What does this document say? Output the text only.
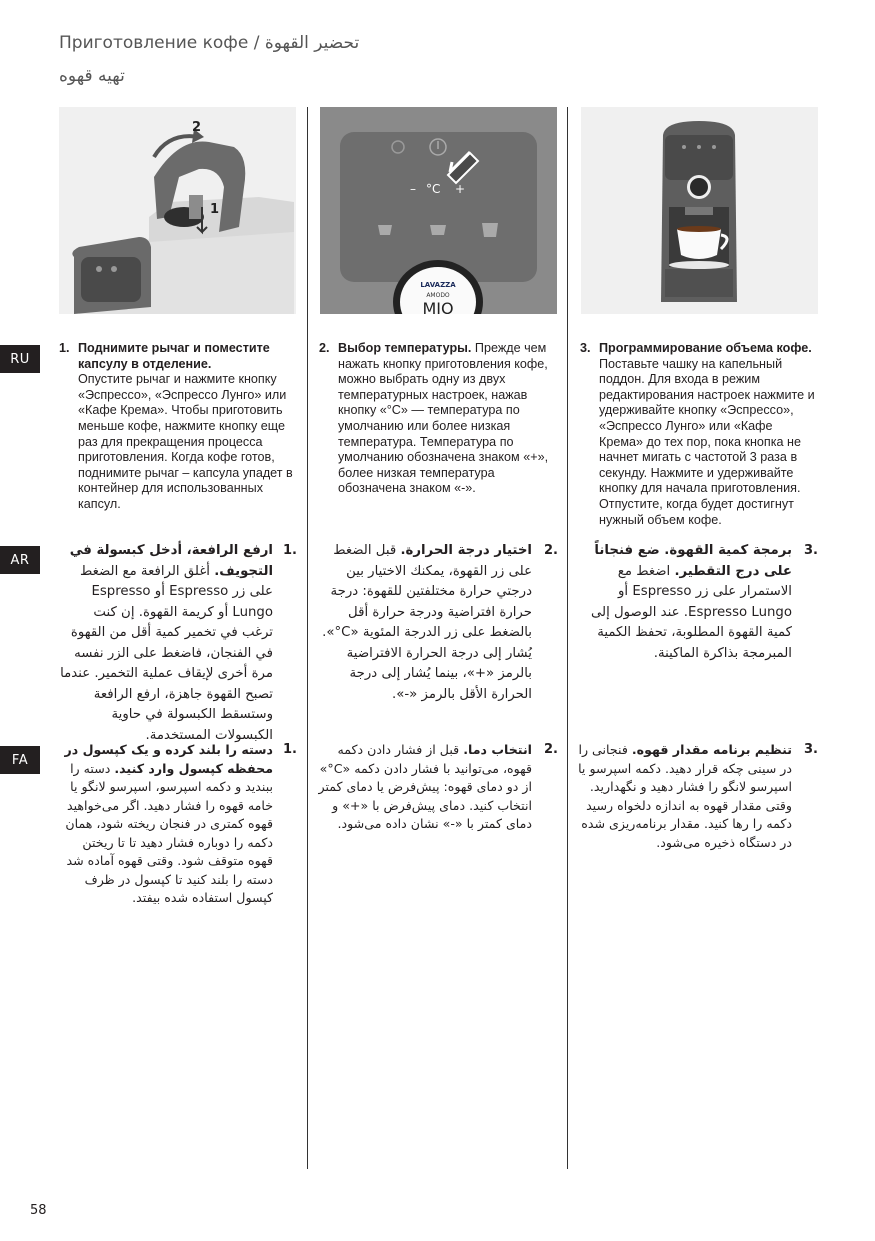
Приготовление кофе / تحضير القهوة
تهیه قهوه
2
1
– °C +
LAVAZZA
AMODO
MIO
RU
AR
FA
1. Поднимите рычаг и поместите капсулу в отделение.
Опустите рычаг и нажмите кнопку «Эспрессо», «Эспрессо Лунго» или «Кафе Крема». Чтобы приготовить меньше кофе, нажмите кнопку еще раз для прекращения процесса приготовления. Когда кофе готов, поднимите рычаг – капсула упадет в контейнер для использованных капсул.
2. Выбор температуры. Прежде чем нажать кнопку приготовления кофе, можно выбрать одну из двух температурных настроек, нажав кнопку «°C» — температура по умолчанию или более низкая температура. Температура по умолчанию обозначена знаком «+», более низкая температура обозначена знаком «-».
3. Программирование объема кофе. Поставьте чашку на капельный поддон. Для входа в режим редактирования настроек нажмите и удерживайте кнопку «Эспрессо», «Эспрессо Лунго» или «Кафе Крема» до тех пор, пока кнопка не начнет мигать с частотой 3 раза в секунду. Нажмите и удерживайте кнопку для начала приготовления. Отпустите, когда будет достигнут нужный объем кофе.
1.
ارفع الرافعة، أدخل كبسولة في التجويف. أغلق الرافعة مع الضغط على زر Espresso أو Espresso Lungo أو كريمة القهوة. إن كنت ترغب في تخمير كمية أقل من القهوة في الفنجان، فاضغط على الزر نفسه مرة أخرى لإيقاف عملية التخمير. عندما تصبح القهوة جاهزة، ارفع الرافعة وستسقط الكبسولة في حاوية الكبسولات المستخدمة.
2.
اختيار درجة الحرارة. قبل الضغط على زر القهوة، يمكنك الاختيار بين درجتي حرارة مختلفتين للقهوة: درجة حرارة افتراضية ودرجة حرارة أقل بالضغط على زر الدرجة المئوية «C°». يُشار إلى درجة الحرارة الافتراضية بالرمز «+»، بينما يُشار إلى درجة الحرارة الأقل بالرمز «-».
3.
برمجة كمية القهوة. ضع فنجاناً على درج التقطير. اضغط مع الاستمرار على زر Espresso أو Espresso Lungo. عند الوصول إلى كمية القهوة المطلوبة، تحفظ الكمية المبرمجة بذاكرة الماكينة.
1.
دسته را بلند کرده و یک کپسول در محفظه کپسول وارد کنید. دسته را ببندید و دکمه اسپرسو، اسپرسو لانگو یا خامه قهوه را فشار دهید. اگر می‌خواهید قهوه کمتری در فنجان ریخته شود، همان دکمه را دوباره فشار دهید تا تا ریختن قهوه متوقف شود. وقتی قهوه آماده شد دسته را بلند کنید تا کپسول در ظرف کپسول استفاده شده بیفتد.
2.
انتخاب دما. قبل از فشار دادن دکمه قهوه، می‌توانید با فشار دادن دکمه «C°» از دو دمای قهوه: پیش‌فرض یا دمای کمتر انتخاب کنید. دمای پیش‌فرض با «+» و دمای کمتر با «-» نشان داده می‌شود.
3.
تنظیم برنامه مقدار قهوه. فنجانی را در سینی چکه قرار دهید. دکمه اسپرسو یا اسپرسو لانگو را فشار دهید و نگهدارید. وقتی مقدار قهوه به اندازه دلخواه رسید دکمه را رها کنید. مقدار برنامه‌ریزی شده در دستگاه ذخیره می‌شود.
58
